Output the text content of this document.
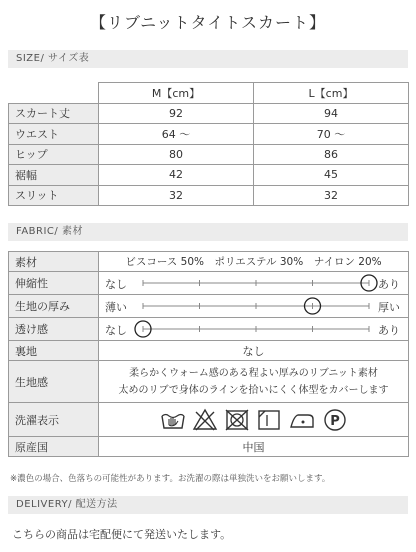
【リブニットタイトスカート】
SIZE/ サイズ表
	M【cm】	L【cm】
スカート丈	92	94
ウエスト	64 〜	70 〜
ヒップ	80	86
裾幅	42	45
スリット	32	32
FABRIC/ 素材
素材	ビスコース 50%　ポリエステル 30%　ナイロン 20%
伸縮性	なし あり

生地の厚み	薄い 厚い

透け感	なし あり

裏地	なし
生地感	柔らかくウォーム感のある程よい厚みのリブニット素材
太めのリブで身体のラインを拾いにくく体型をカバーします

洗濯表示	P

原産国	中国
※濃色の場合、色落ちの可能性があります。お洗濯の際は単独洗いをお願いします。
DELIVERY/ 配送方法
こちらの商品は宅配便にて発送いたします。
